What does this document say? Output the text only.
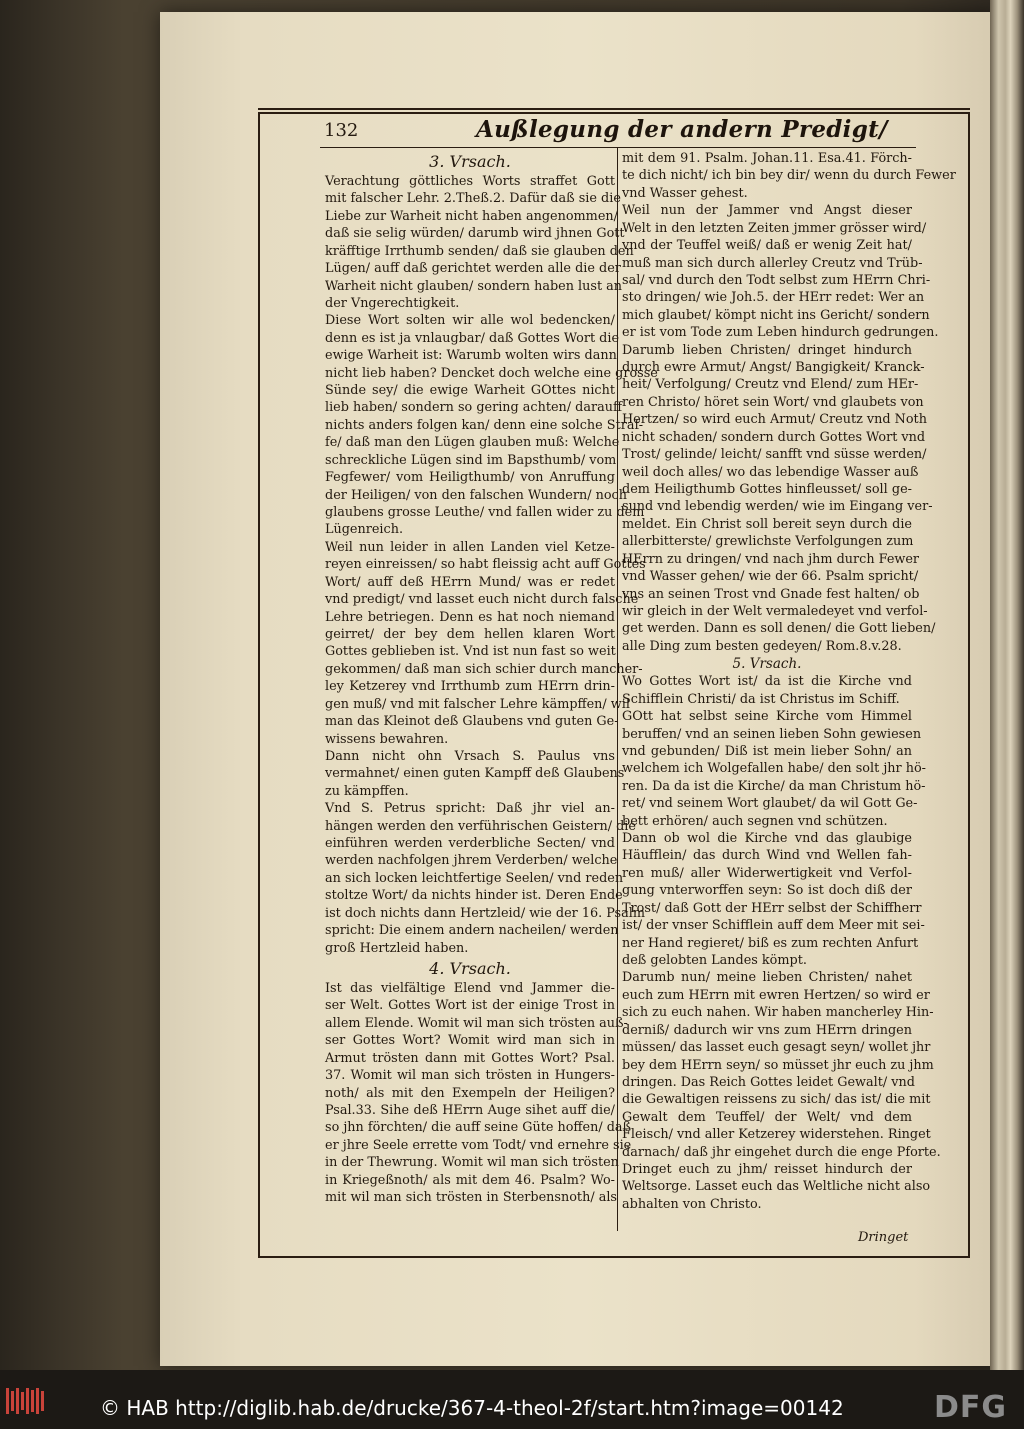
132	Außlegung der andern Predigt/
3. Vrsach.
Verachtung göttliches Worts straffet Gott
mit falscher Lehr. 2.Theß.2. Dafür daß sie die
Liebe zur Warheit nicht haben angenommen/
daß sie selig würden/ darumb wird jhnen Gott
kräfftige Irrthumb senden/ daß sie glauben den
Lügen/ auff daß gerichtet werden alle die der
Warheit nicht glauben/ sondern haben lust an
der Vngerechtigkeit.
Diese Wort solten wir alle wol bedencken/
denn es ist ja vnlaugbar/ daß Gottes Wort die
ewige Warheit ist: Warumb wolten wirs dann
nicht lieb haben? Dencket doch welche eine grosse
Sünde sey/ die ewige Warheit GOttes nicht
lieb haben/ sondern so gering achten/ darauff
nichts anders folgen kan/ denn eine solche Straf-
fe/ daß man den Lügen glauben muß: Welche
schreckliche Lügen sind im Bapsthumb/ vom
Fegfewer/ vom Heiligthumb/ von Anruffung
der Heiligen/ von den falschen Wundern/ noch
glaubens grosse Leuthe/ vnd fallen wider zu dem
Lügenreich.
Weil nun leider in allen Landen viel Ketze-
reyen einreissen/ so habt fleissig acht auff Gottes
Wort/ auff deß HErrn Mund/ was er redet
vnd predigt/ vnd lasset euch nicht durch falsche
Lehre betriegen. Denn es hat noch niemand
geirret/ der bey dem hellen klaren Wort
Gottes geblieben ist. Vnd ist nun fast so weit
gekommen/ daß man sich schier durch mancher-
ley Ketzerey vnd Irrthumb zum HErrn drin-
gen muß/ vnd mit falscher Lehre kämpffen/ wil
man das Kleinot deß Glaubens vnd guten Ge-
wissens bewahren.
Dann nicht ohn Vrsach S. Paulus vns
vermahnet/ einen guten Kampff deß Glaubens
zu kämpffen.
Vnd S. Petrus spricht: Daß jhr viel an-
hängen werden den verführischen Geistern/ die
einführen werden verderbliche Secten/ vnd
werden nachfolgen jhrem Verderben/ welche
an sich locken leichtfertige Seelen/ vnd reden
stoltze Wort/ da nichts hinder ist. Deren Ende
ist doch nichts dann Hertzleid/ wie der 16. Psalm
spricht: Die einem andern nacheilen/ werden
groß Hertzleid haben.
4. Vrsach.
Ist das vielfältige Elend vnd Jammer die-
ser Welt. Gottes Wort ist der einige Trost in
allem Elende. Womit wil man sich trösten auß-
ser Gottes Wort? Womit wird man sich in
Armut trösten dann mit Gottes Wort? Psal.
37. Womit wil man sich trösten in Hungers-
noth/ als mit den Exempeln der Heiligen?
Psal.33. Sihe deß HErrn Auge sihet auff die/
so jhn förchten/ die auff seine Güte hoffen/ daß
er jhre Seele errette vom Todt/ vnd ernehre sie
in der Thewrung. Womit wil man sich trösten
in Kriegeßnoth/ als mit dem 46. Psalm? Wo-
mit wil man sich trösten in Sterbensnoth/ als
mit dem 91. Psalm. Johan.11. Esa.41. Förch-
te dich nicht/ ich bin bey dir/ wenn du durch Fewer
vnd Wasser gehest.
Weil nun der Jammer vnd Angst dieser
Welt in den letzten Zeiten jmmer grösser wird/
vnd der Teuffel weiß/ daß er wenig Zeit hat/
muß man sich durch allerley Creutz vnd Trüb-
sal/ vnd durch den Todt selbst zum HErrn Chri-
sto dringen/ wie Joh.5. der HErr redet: Wer an
mich glaubet/ kömpt nicht ins Gericht/ sondern
er ist vom Tode zum Leben hindurch gedrungen.
Darumb lieben Christen/ dringet hindurch
durch ewre Armut/ Angst/ Bangigkeit/ Kranck-
heit/ Verfolgung/ Creutz vnd Elend/ zum HEr-
ren Christo/ höret sein Wort/ vnd glaubets von
Hertzen/ so wird euch Armut/ Creutz vnd Noth
nicht schaden/ sondern durch Gottes Wort vnd
Trost/ gelinde/ leicht/ sanfft vnd süsse werden/
weil doch alles/ wo das lebendige Wasser auß
dem Heiligthumb Gottes hinfleusset/ soll ge-
sund vnd lebendig werden/ wie im Eingang ver-
meldet. Ein Christ soll bereit seyn durch die
allerbitterste/ grewlichste Verfolgungen zum
HErrn zu dringen/ vnd nach jhm durch Fewer
vnd Wasser gehen/ wie der 66. Psalm spricht/
vns an seinen Trost vnd Gnade fest halten/ ob
wir gleich in der Welt vermaledeyet vnd verfol-
get werden. Dann es soll denen/ die Gott lieben/
alle Ding zum besten gedeyen/ Rom.8.v.28.
5. Vrsach.
Wo Gottes Wort ist/ da ist die Kirche vnd
Schifflein Christi/ da ist Christus im Schiff.
GOtt hat selbst seine Kirche vom Himmel
beruffen/ vnd an seinen lieben Sohn gewiesen
vnd gebunden/ Diß ist mein lieber Sohn/ an
welchem ich Wolgefallen habe/ den solt jhr hö-
ren. Da da ist die Kirche/ da man Christum hö-
ret/ vnd seinem Wort glaubet/ da wil Gott Ge-
bett erhören/ auch segnen vnd schützen.
Dann ob wol die Kirche vnd das glaubige
Häufflein/ das durch Wind vnd Wellen fah-
ren muß/ aller Widerwertigkeit vnd Verfol-
gung vnterworffen seyn: So ist doch diß der
Trost/ daß Gott der HErr selbst der Schiffherr
ist/ der vnser Schifflein auff dem Meer mit sei-
ner Hand regieret/ biß es zum rechten Anfurt
deß gelobten Landes kömpt.
Darumb nun/ meine lieben Christen/ nahet
euch zum HErrn mit ewren Hertzen/ so wird er
sich zu euch nahen. Wir haben mancherley Hin-
derniß/ dadurch wir vns zum HErrn dringen
müssen/ das lasset euch gesagt seyn/ wollet jhr
bey dem HErrn seyn/ so müsset jhr euch zu jhm
dringen. Das Reich Gottes leidet Gewalt/ vnd
die Gewaltigen reissens zu sich/ das ist/ die mit
Gewalt dem Teuffel/ der Welt/ vnd dem
Fleisch/ vnd aller Ketzerey widerstehen. Ringet
darnach/ daß jhr eingehet durch die enge Pforte.
Dringet euch zu jhm/ reisset hindurch der
Weltsorge. Lasset euch das Weltliche nicht also
abhalten von Christo.
Dringet
© HAB http://diglib.hab.de/drucke/367-4-theol-2f/start.htm?image=00142	DFG
